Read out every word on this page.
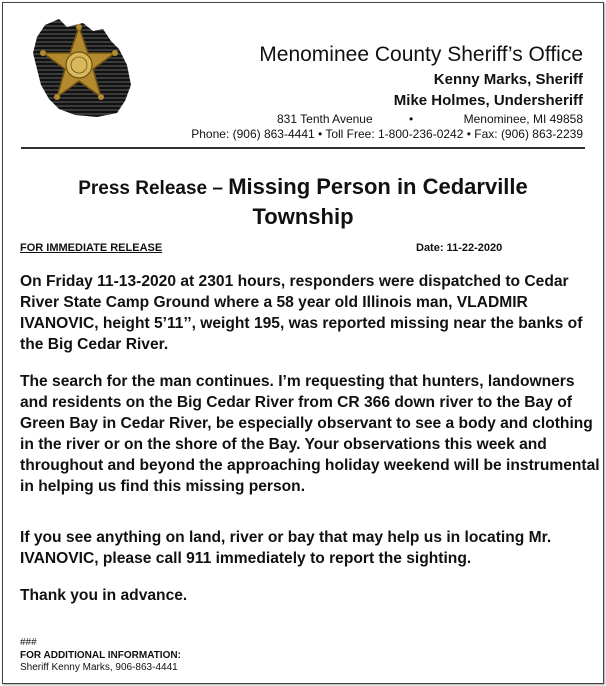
Menominee County Sheriff’s Office
Kenny Marks, Sheriff
Mike Holmes, Undersheriff
831 Tenth Avenue	•	Menominee, MI 49858
Phone: (906) 863-4441 • Toll Free: 1-800-236-0242 • Fax: (906) 863-2239
Press Release – Missing Person in Cedarville Township
FOR IMMEDIATE RELEASE	Date: 11-22-2020
On Friday 11-13-2020 at 2301 hours, responders were dispatched to Cedar River State Camp Ground where a 58 year old Illinois man, VLADMIR IVANOVIC, height 5’11’’, weight 195, was reported missing near the banks of the Big Cedar River.
The search for the man continues. I’m requesting that hunters, landowners and residents on the Big Cedar River from CR 366 down river to the Bay of Green Bay in Cedar River, be especially observant to see a body and clothing in the river or on the shore of the Bay. Your observations this week and throughout and beyond the approaching holiday weekend will be instrumental in helping us find this missing person.
If you see anything on land, river or bay that may help us in locating Mr. IVANOVIC, please call 911 immediately to report the sighting.
Thank you in advance.
###
FOR ADDITIONAL INFORMATION:
Sheriff Kenny Marks, 906-863-4441
